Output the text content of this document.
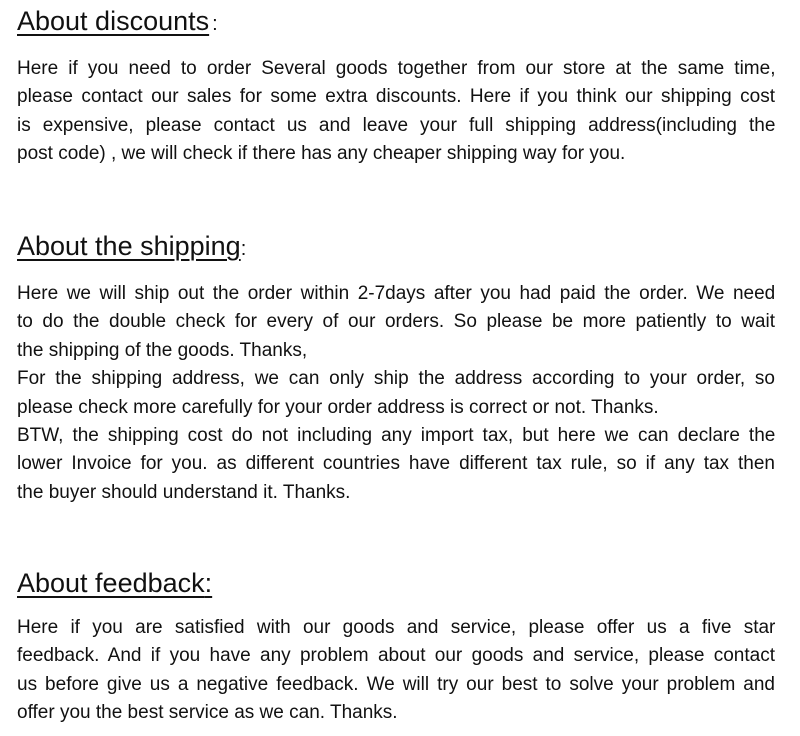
About discounts :

Here if you need to order Several goods together from our store at the same time,
please contact our sales for some extra discounts. Here if you think our shipping cost
is expensive, please contact us and leave your full shipping address(including the
post code) , we will check if there has any cheaper shipping way for you.

About the shipping:

Here we will ship out the order within 2-7days after you had paid the order. We need
to do the double check for every of our orders. So please be more patiently to wait
the shipping of the goods. Thanks,
For the shipping address, we can only ship the address according to your order, so
please check more carefully for your order address is correct or not. Thanks.
BTW, the shipping cost do not including any import tax, but here we can declare the
lower Invoice for you. as different countries have different tax rule, so if any tax then
the buyer should understand it. Thanks.

About feedback:

Here if you are satisfied with our goods and service, please offer us a five star
feedback. And if you have any problem about our goods and service, please contact
us before give us a negative feedback. We will try our best to solve your problem and
offer you the best service as we can. Thanks.
